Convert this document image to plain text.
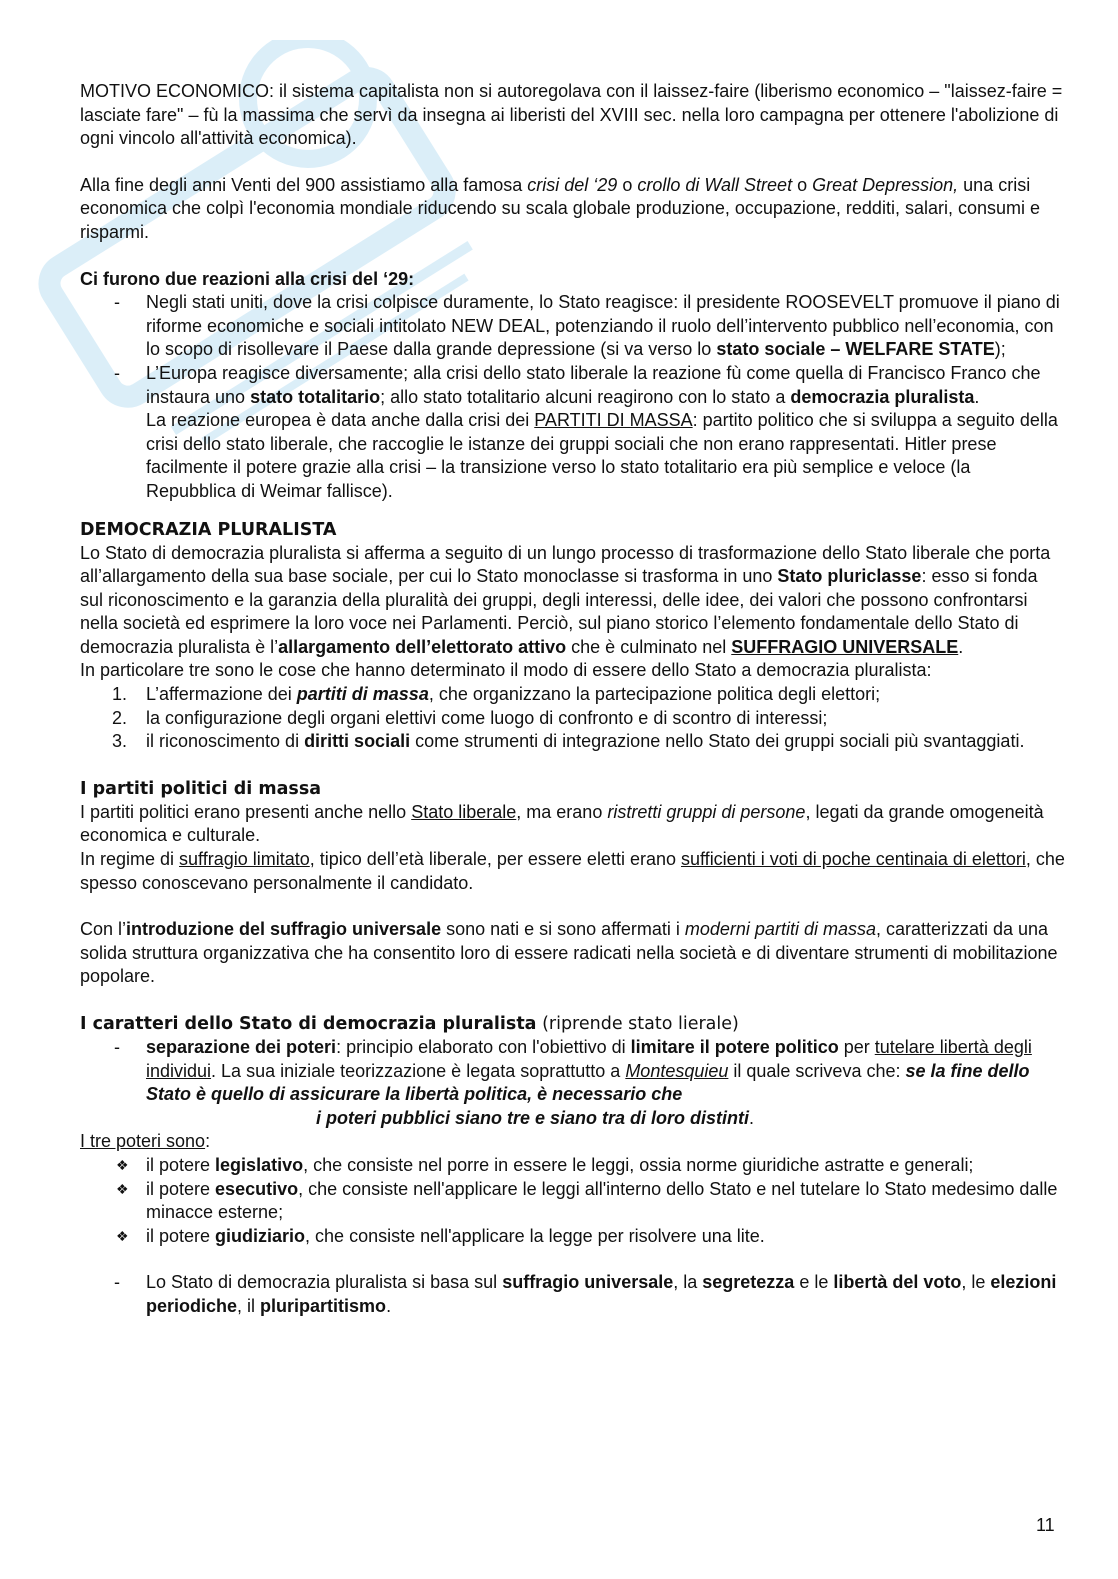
MOTIVO ECONOMICO: il sistema capitalista non si autoregolava con il laissez-faire (liberismo economico – "laissez-faire = lasciate fare" – fù la massima che servì da insegna ai liberisti del XVIII sec. nella loro campagna per ottenere l'abolizione di ogni vincolo all'attività economica).

Alla fine degli anni Venti del 900 assistiamo alla famosa crisi del ‘29 o crollo di Wall Street o Great Depression, una crisi economica che colpì l'economia mondiale riducendo su scala globale produzione, occupazione, redditi, salari, consumi e risparmi.

Ci furono due reazioni alla crisi del ‘29:

- Negli stati uniti, dove la crisi colpisce duramente, lo Stato reagisce: il presidente ROOSEVELT promuove il piano di riforme economiche e sociali intitolato NEW DEAL, potenziando il ruolo dell’intervento pubblico nell’economia, con lo scopo di risollevare il Paese dalla grande depressione (si va verso lo stato sociale – WELFARE STATE);
- L’Europa reagisce diversamente; alla crisi dello stato liberale la reazione fù come quella di Francisco Franco che instaura uno stato totalitario; allo stato totalitario alcuni reagirono con lo stato a democrazia pluralista.
La reazione europea è data anche dalla crisi dei PARTITI DI MASSA: partito politico che si sviluppa a seguito della crisi dello stato liberale, che raccoglie le istanze dei gruppi sociali che non erano rappresentati. Hitler prese facilmente il potere grazie alla crisi – la transizione verso lo stato totalitario era più semplice e veloce (la Repubblica di Weimar fallisce).

DEMOCRAZIA PLURALISTA

Lo Stato di democrazia pluralista si afferma a seguito di un lungo processo di trasformazione dello Stato liberale che porta all’allargamento della sua base sociale, per cui lo Stato monoclasse si trasforma in uno Stato pluriclasse: esso si fonda sul riconoscimento e la garanzia della pluralità dei gruppi, degli interessi, delle idee, dei valori che possono confrontarsi nella società ed esprimere la loro voce nei Parlamenti. Perciò, sul piano storico l’elemento fondamentale dello Stato di democrazia pluralista è l’allargamento dell’elettorato attivo che è culminato nel SUFFRAGIO UNIVERSALE.
In particolare tre sono le cose che hanno determinato il modo di essere dello Stato a democrazia pluralista:

1. L’affermazione dei partiti di massa, che organizzano la partecipazione politica degli elettori;
2. la configurazione degli organi elettivi come luogo di confronto e di scontro di interessi;
3. il riconoscimento di diritti sociali come strumenti di integrazione nello Stato dei gruppi sociali più svantaggiati.

I partiti politici di massa

I partiti politici erano presenti anche nello Stato liberale, ma erano ristretti gruppi di persone, legati da grande omogeneità economica e culturale.
In regime di suffragio limitato, tipico dell’età liberale, per essere eletti erano sufficienti i voti di poche centinaia di elettori, che spesso conoscevano personalmente il candidato.

Con l’introduzione del suffragio universale sono nati e si sono affermati i moderni partiti di massa, caratterizzati da una solida struttura organizzativa che ha consentito loro di essere radicati nella società e di diventare strumenti di mobilitazione popolare.

I caratteri dello Stato di democrazia pluralista (riprende stato lierale)

- separazione dei poteri: principio elaborato con l'obiettivo di limitare il potere politico per tutelare libertà degli individui. La sua iniziale teorizzazione è legata soprattutto a Montesquieu il quale scriveva che: se la fine dello Stato è quello di assicurare la libertà politica, è necessario che

i poteri pubblici siano tre e siano tra di loro distinti.

I tre poteri sono:

❖ il potere legislativo, che consiste nel porre in essere le leggi, ossia norme giuridiche astratte e generali;
❖ il potere esecutivo, che consiste nell'applicare le leggi all'interno dello Stato e nel tutelare lo Stato medesimo dalle minacce esterne;
❖ il potere giudiziario, che consiste nell'applicare la legge per risolvere una lite.
- Lo Stato di democrazia pluralista si basa sul suffragio universale, la segretezza e le libertà del voto, le elezioni periodiche, il pluripartitismo.
11
